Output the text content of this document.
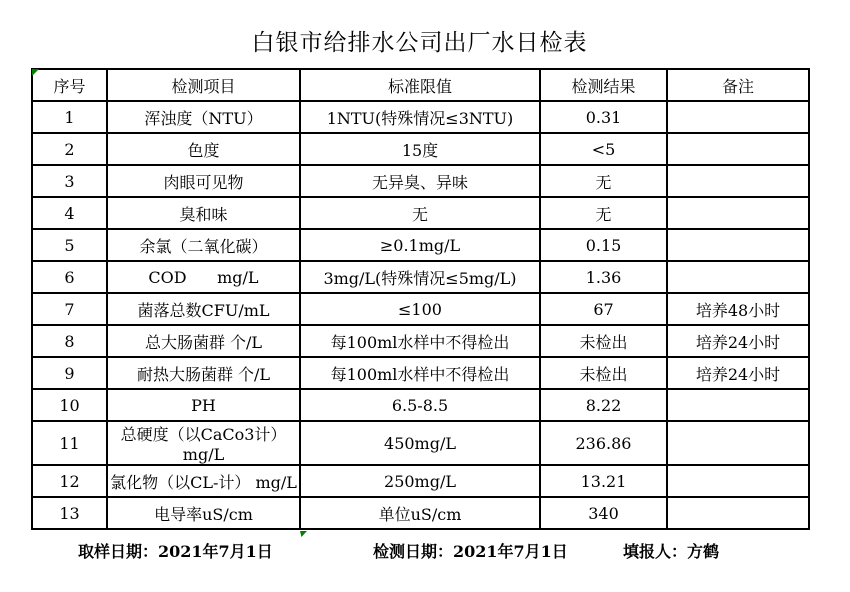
白银市给排水公司出厂水日检表
序号	检测项目	标准限值	检测结果	备注
1	浑浊度（NTU）	1NTU(特殊情况≤3NTU)	0.31	
2	色度	15度	<5	
3	肉眼可见物	无异臭、异味	无	
4	臭和味	无	无	
5	余氯（二氧化碳）	≥0.1mg/L	0.15	
6	COD      mg/L	3mg/L(特殊情况≤5mg/L)	1.36	
7	菌落总数CFU/mL	≤100	67	培养48小时
8	总大肠菌群 个/L	每100ml水样中不得检出	未检出	培养24小时
9	耐热大肠菌群 个/L	每100ml水样中不得检出	未检出	培养24小时
10	PH	6.5-8.5	8.22	
11	总硬度（以CaCo3计） mg/L	450mg/L	236.86	
12	氯化物（以CL-计） mg/L	250mg/L	13.21	
13	电导率uS/cm	单位uS/cm	340	
取样日期：2021年7月1日	检测日期：2021年7月1日	填报人：方鹤
